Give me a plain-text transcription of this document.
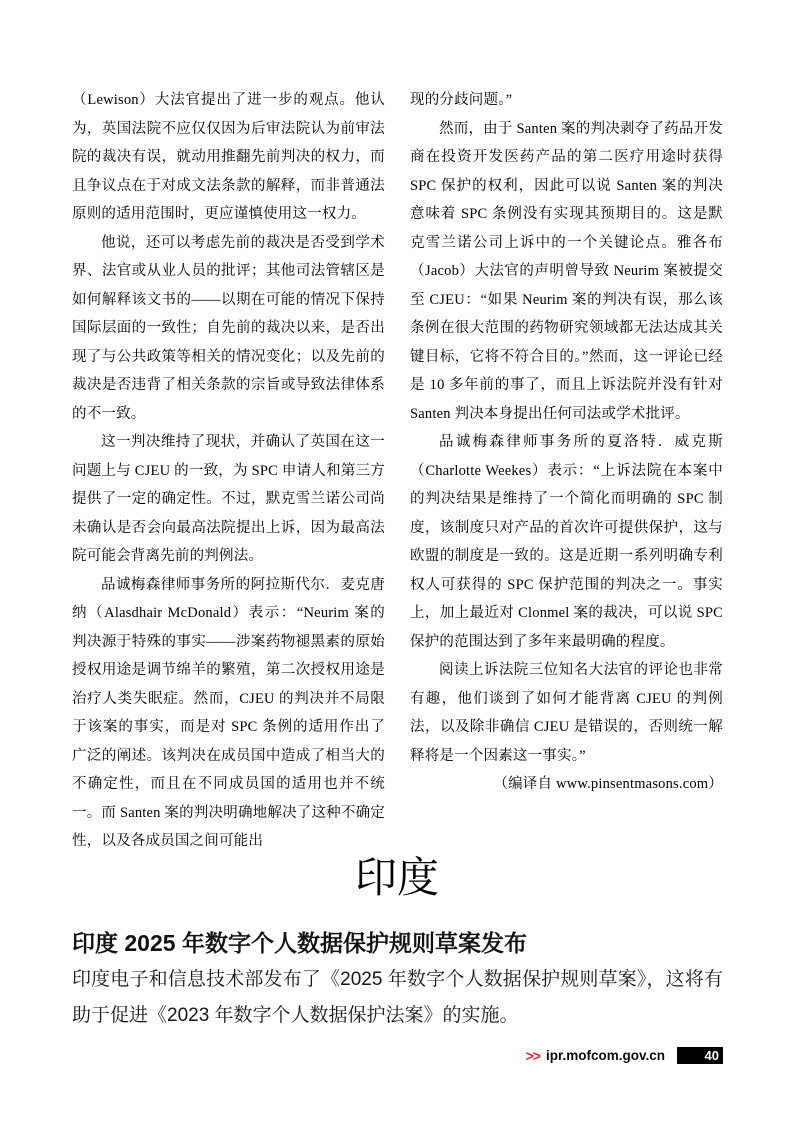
（Lewison）大法官提出了进一步的观点。他认为，英国法院不应仅仅因为后审法院认为前审法院的裁决有误，就动用推翻先前判决的权力，而且争议点在于对成文法条款的解释，而非普通法原则的适用范围时，更应谨慎使用这一权力。

他说，还可以考虑先前的裁决是否受到学术界、法官或从业人员的批评；其他司法管辖区是如何解释该文书的——以期在可能的情况下保持国际层面的一致性；自先前的裁决以来，是否出现了与公共政策等相关的情况变化；以及先前的裁决是否违背了相关条款的宗旨或导致法律体系的不一致。

这一判决维持了现状，并确认了英国在这一问题上与 CJEU 的一致，为 SPC 申请人和第三方提供了一定的确定性。不过，默克雪兰诺公司尚未确认是否会向最高法院提出上诉，因为最高法院可能会背离先前的判例法。

品诚梅森律师事务所的阿拉斯代尔．麦克唐纳（Alasdhair McDonald）表示：“Neurim 案的判决源于特殊的事实——涉案药物褪黑素的原始授权用途是调节绵羊的繁殖，第二次授权用途是治疗人类失眠症。然而，CJEU 的判决并不局限于该案的事实，而是对 SPC 条例的适用作出了广泛的阐述。该判决在成员国中造成了相当大的不确定性，而且在不同成员国的适用也并不统一。而 Santen 案的判决明确地解决了这种不确定性，以及各成员国之间可能出

现的分歧问题。”

然而，由于 Santen 案的判决剥夺了药品开发商在投资开发医药产品的第二医疗用途时获得 SPC 保护的权利，因此可以说 Santen 案的判决意味着 SPC 条例没有实现其预期目的。这是默克雪兰诺公司上诉中的一个关键论点。雅各布（Jacob）大法官的声明曾导致 Neurim 案被提交至 CJEU：“如果 Neurim 案的判决有误，那么该条例在很大范围的药物研究领域都无法达成其关键目标，它将不符合目的。”然而，这一评论已经是 10 多年前的事了，而且上诉法院并没有针对 Santen 判决本身提出任何司法或学术批评。

品诚梅森律师事务所的夏洛特．威克斯（Charlotte Weekes）表示：“上诉法院在本案中的判决结果是维持了一个简化而明确的 SPC 制度，该制度只对产品的首次许可提供保护，这与欧盟的制度是一致的。这是近期一系列明确专利权人可获得的 SPC 保护范围的判决之一。事实上，加上最近对 Clonmel 案的裁决，可以说 SPC 保护的范围达到了多年来最明确的程度。

阅读上诉法院三位知名大法官的评论也非常有趣，他们谈到了如何才能背离 CJEU 的判例法，以及除非确信 CJEU 是错误的，否则统一解释将是一个因素这一事实。”

（编译自 www.pinsentmasons.com）

印度
印度 2025 年数字个人数据保护规则草案发布
印度电子和信息技术部发布了《2025 年数字个人数据保护规则草案》，这将有助于促进《2023 年数字个人数据保护法案》的实施。
>> ipr.mofcom.gov.cn	40
